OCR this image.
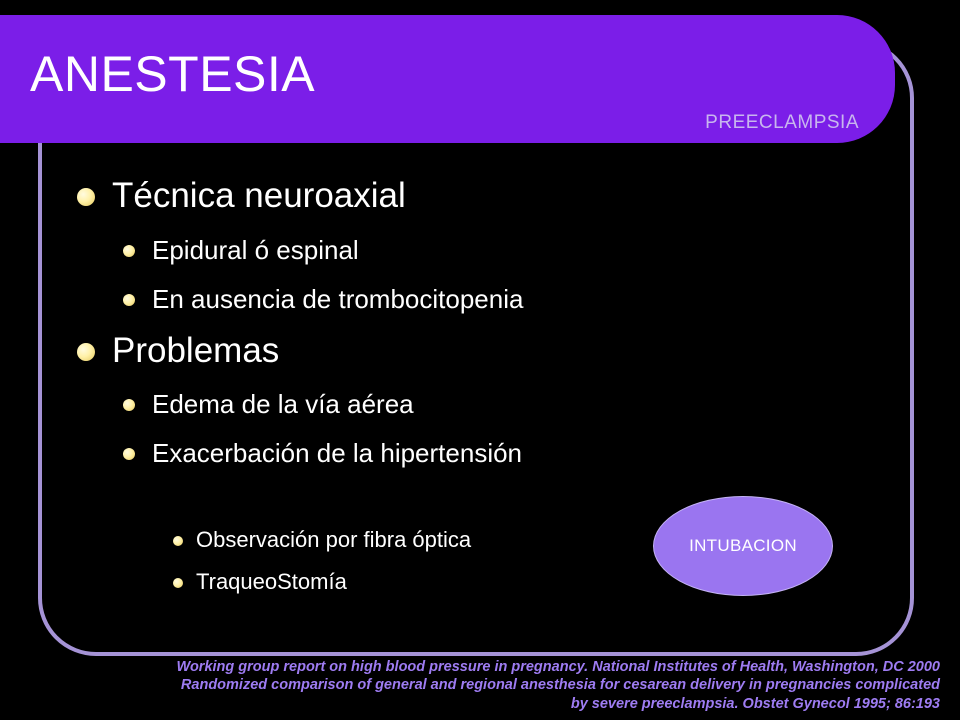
ANESTESIA
PREECLAMPSIA
Técnica neuroaxial
Epidural ó espinal
En ausencia de trombocitopenia
Problemas
Edema de la vía aérea
Exacerbación de la hipertensión
Observación por fibra óptica
TraqueoStomía
INTUBACION
Working group report on high blood pressure in pregnancy. National Institutes of Health, Washington, DC 2000
Randomized comparison of general and regional anesthesia for cesarean delivery in pregnancies complicated
by severe preeclampsia. Obstet Gynecol 1995; 86:193
